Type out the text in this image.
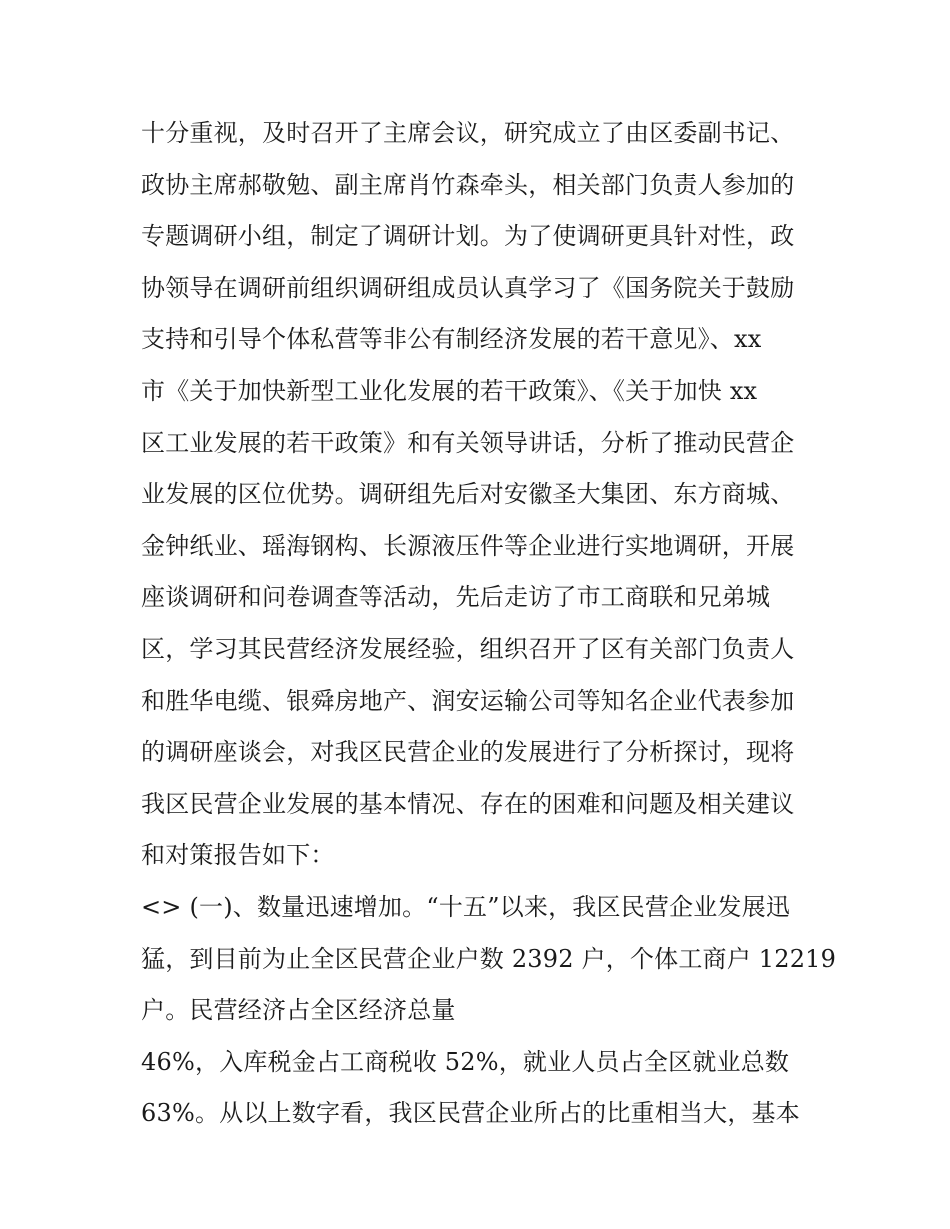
十分重视，及时召开了主席会议，研究成立了由区委副书记、
政协主席郝敬勉、副主席肖竹森牵头，相关部门负责人参加的
专题调研小组，制定了调研计划。为了使调研更具针对性，政
协领导在调研前组织调研组成员认真学习了《国务院关于鼓励
支持和引导个体私营等非公有制经济发展的若干意见》、xx
市《关于加快新型工业化发展的若干政策》、《关于加快 xx
区工业发展的若干政策》和有关领导讲话，分析了推动民营企
业发展的区位优势。调研组先后对安徽圣大集团、东方商城、
金钟纸业、瑶海钢构、长源液压件等企业进行实地调研，开展
座谈调研和问卷调查等活动，先后走访了市工商联和兄弟城
区，学习其民营经济发展经验，组织召开了区有关部门负责人
和胜华电缆、银舜房地产、润安运输公司等知名企业代表参加
的调研座谈会，对我区民营企业的发展进行了分析探讨，现将
我区民营企业发展的基本情况、存在的困难和问题及相关建议
和对策报告如下：
<> (一)、数量迅速增加。“十五”以来，我区民营企业发展迅
猛，到目前为止全区民营企业户数 2392 户，个体工商户 12219
户。民营经济占全区经济总量
46%，入库税金占工商税收 52%，就业人员占全区就业总数
63%。从以上数字看，我区民营企业所占的比重相当大，基本
